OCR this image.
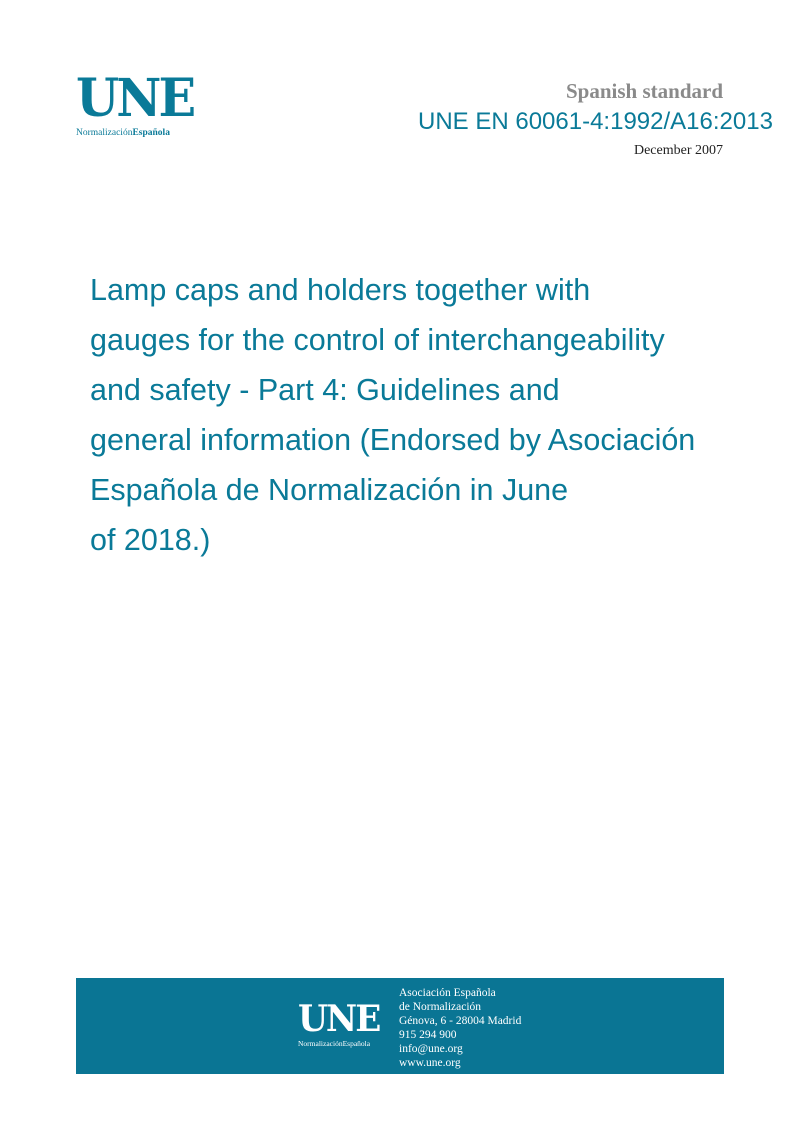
UNE
NormalizaciónEspañola
Spanish standard
UNE EN 60061-4:1992/A16:2013
December 2007
Lamp caps and holders together with
gauges for the control of interchangeability
and safety - Part 4: Guidelines and
general information (Endorsed by Asociación
Española de Normalización in June
of 2018.)
UNE
NormalizaciónEspañola
Asociación Española
de Normalización
Génova, 6 - 28004 Madrid
915 294 900
info@une.org
www.une.org
